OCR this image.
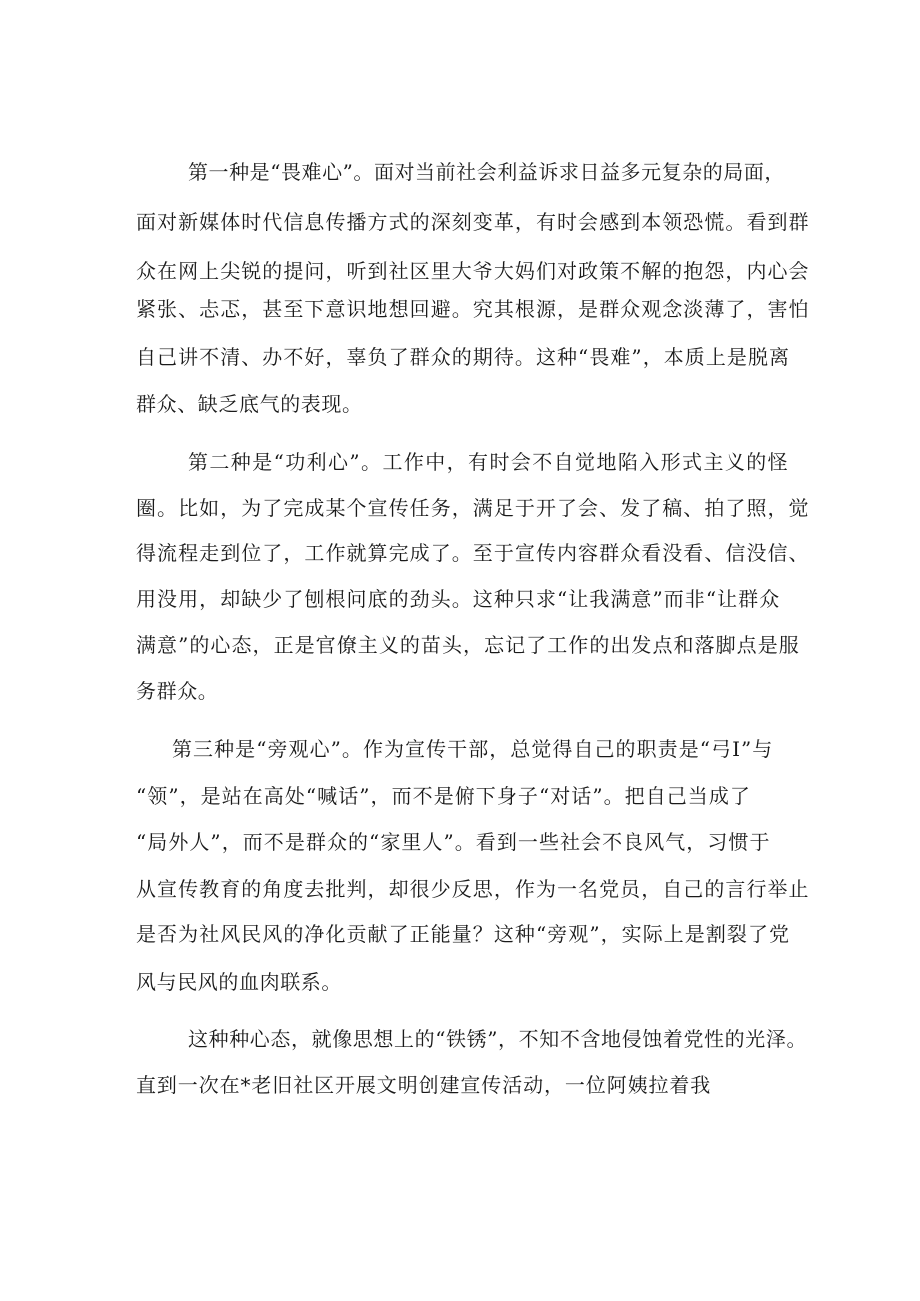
第一种是“畏难心”。面对当前社会利益诉求日益多元复杂的局面，

面对新媒体时代信息传播方式的深刻变革，有时会感到本领恐慌。看到群

众在网上尖锐的提问，听到社区里大爷大妈们对政策不解的抱怨，内心会

紧张、忐忑，甚至下意识地想回避。究其根源，是群众观念淡薄了，害怕

自己讲不清、办不好，辜负了群众的期待。这种“畏难”，本质上是脱离

群众、缺乏底气的表现。

第二种是“功利心”。工作中，有时会不自觉地陷入形式主义的怪

圈。比如，为了完成某个宣传任务，满足于开了会、发了稿、拍了照，觉

得流程走到位了，工作就算完成了。至于宣传内容群众看没看、信没信、

用没用，却缺少了刨根问底的劲头。这种只求“让我满意”而非“让群众

满意”的心态，正是官僚主义的苗头，忘记了工作的出发点和落脚点是服

务群众。

第三种是“旁观心”。作为宣传干部，总觉得自己的职责是“弓I”与

“领”，是站在高处“喊话”，而不是俯下身子“对话”。把自己当成了

“局外人”，而不是群众的“家里人”。看到一些社会不良风气，习惯于

从宣传教育的角度去批判，却很少反思，作为一名党员，自己的言行举止

是否为社风民风的净化贡献了正能量？这种“旁观”，实际上是割裂了党

风与民风的血肉联系。

这种种心态，就像思想上的“铁锈”，不知不含地侵蚀着党性的光泽。

直到一次在*老旧社区开展文明创建宣传活动，一位阿姨拉着我
